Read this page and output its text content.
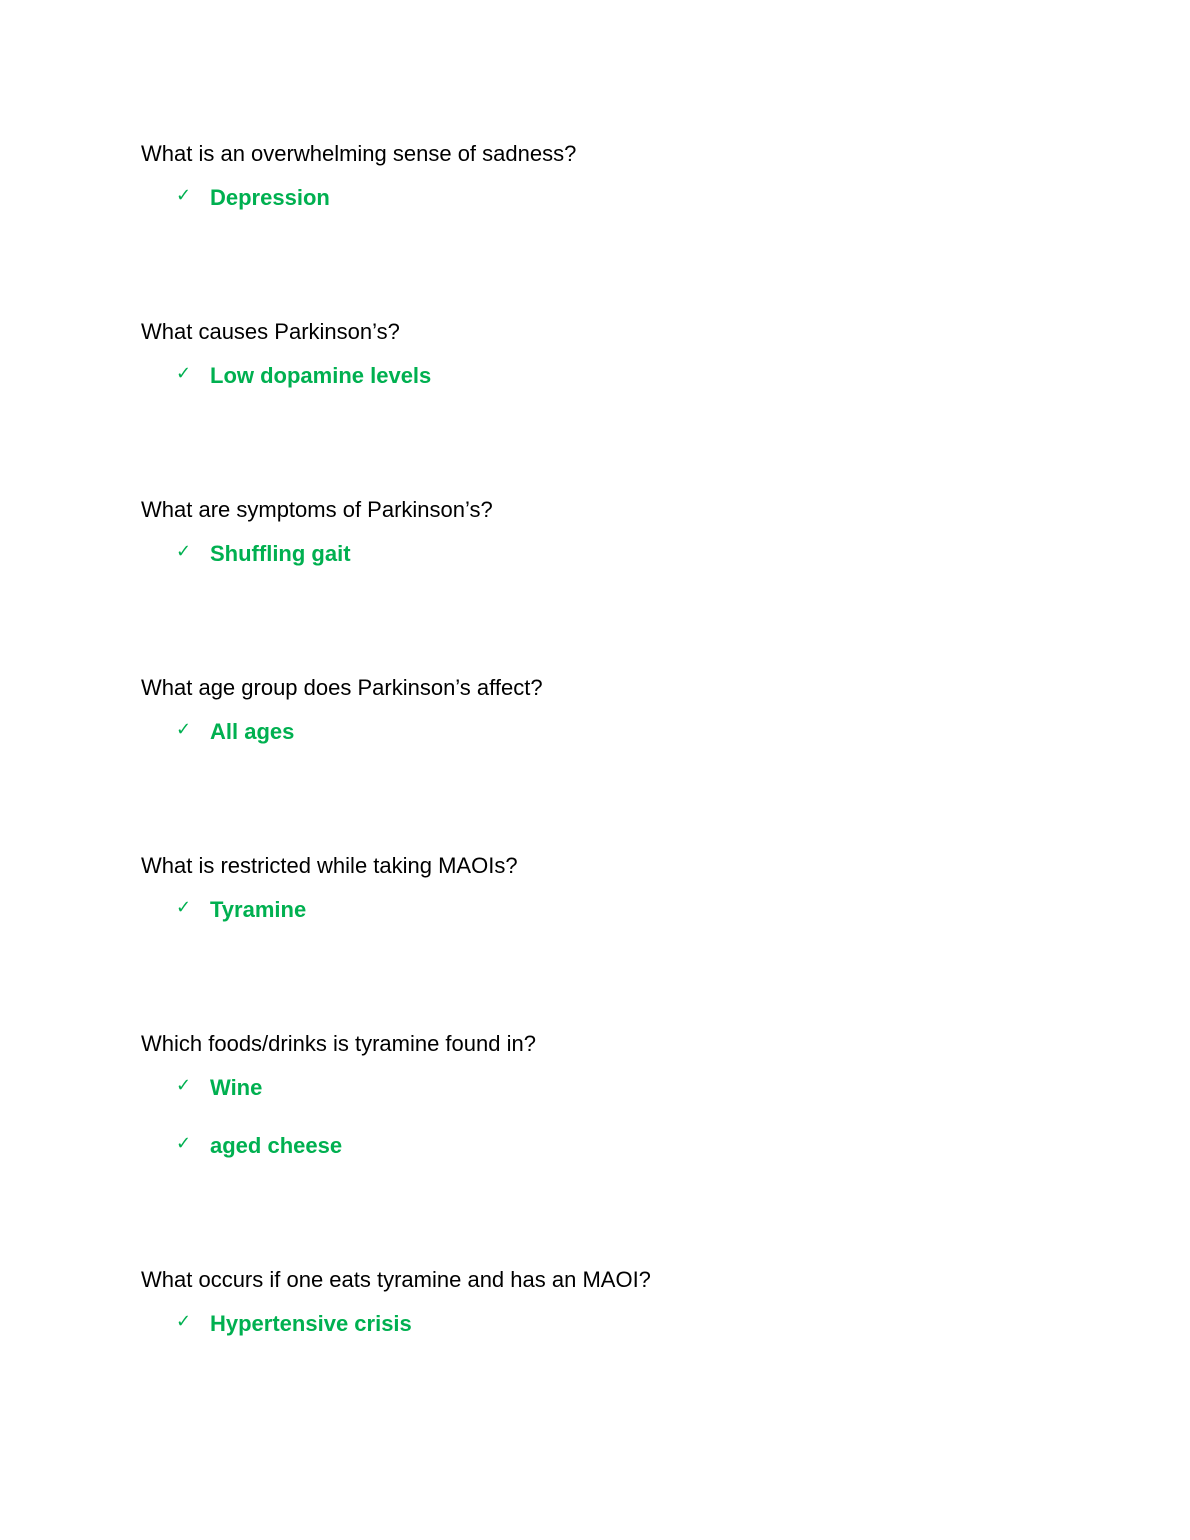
What is an overwhelming sense of sadness?

✓ Depression

What causes Parkinson’s?

✓ Low dopamine levels

What are symptoms of Parkinson’s?

✓ Shuffling gait

What age group does Parkinson’s affect?

✓ All ages

What is restricted while taking MAOIs?

✓ Tyramine

Which foods/drinks is tyramine found in?

✓ Wine
✓ aged cheese

What occurs if one eats tyramine and has an MAOI?

✓ Hypertensive crisis
